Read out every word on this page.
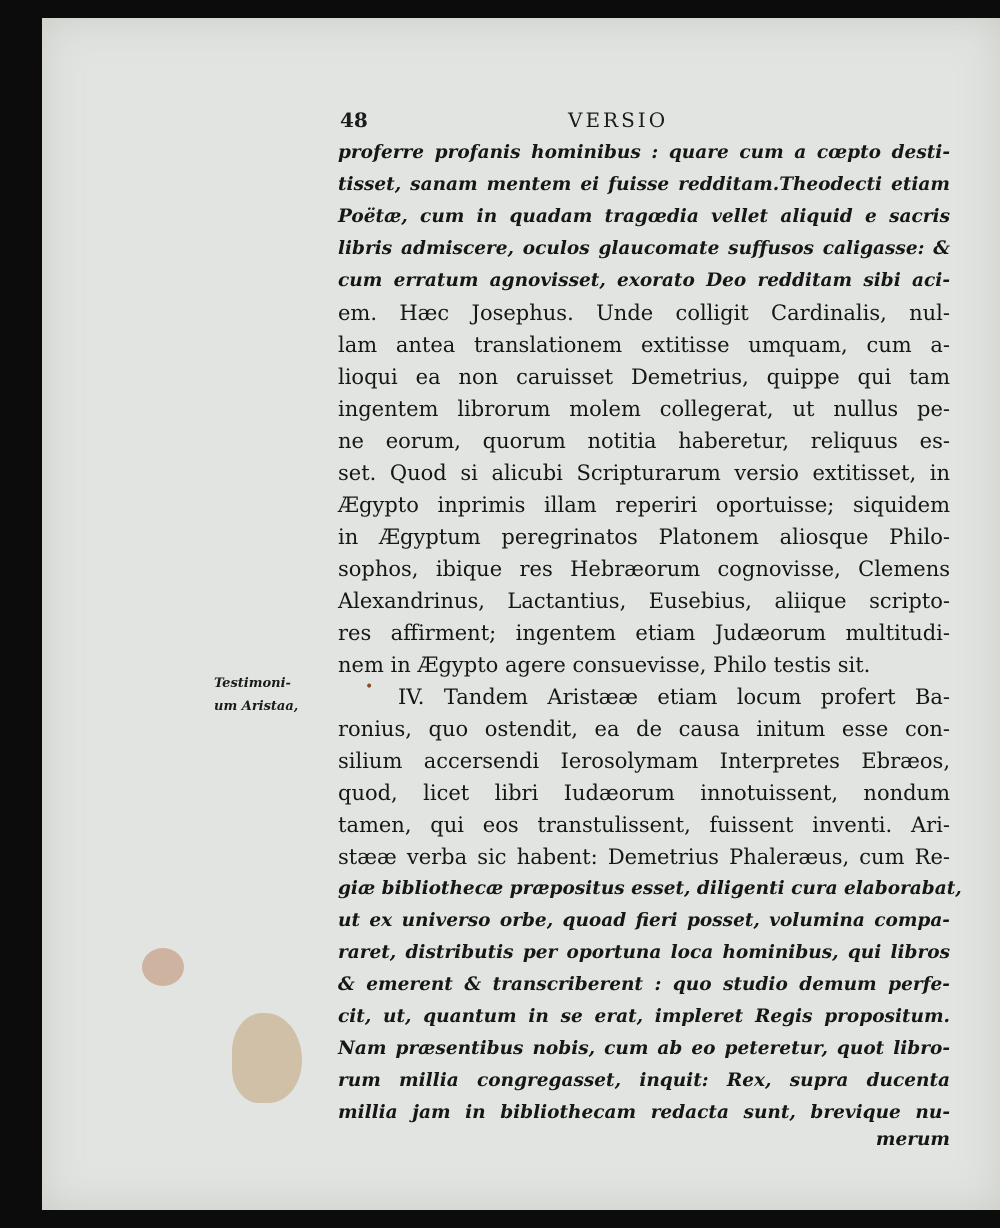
48	VERSIO
Testimoni-
um Aristaa,
•
proferre profanis hominibus : quare cum a cœpto desti-
tisset, sanam mentem ei fuisse redditam.Theodecti etiam
Poëtæ, cum in quadam tragœdia vellet aliquid e sacris
libris admiscere, oculos glaucomate suffusos caligasse: &
cum erratum agnovisset, exorato Deo redditam sibi aci-
em. Hæc Josephus. Unde colligit Cardinalis, nul-
lam antea translationem extitisse umquam, cum a-
lioqui ea non caruisset Demetrius, quippe qui tam
ingentem librorum molem collegerat, ut nullus pe-
ne eorum, quorum notitia haberetur, reliquus es-
set. Quod si alicubi Scripturarum versio extitisset, in
Ægypto inprimis illam reperiri oportuisse; siquidem
in Ægyptum peregrinatos Platonem aliosque Philo-
sophos, ibique res Hebræorum cognovisse, Clemens
Alexandrinus, Lactantius, Eusebius, aliique scripto-
res affirment; ingentem etiam Judæorum multitudi-
nem in Ægypto agere consuevisse, Philo testis sit.
IV. Tandem Aristææ etiam locum profert Ba-
ronius, quo ostendit, ea de causa initum esse con-
silium accersendi Ierosolymam Interpretes Ebræos,
quod, licet libri Iudæorum innotuissent, nondum
tamen, qui eos transtulissent, fuissent inventi. Ari-
stææ verba sic habent: Demetrius Phaleræus, cum Re-
giæ bibliothecæ præpositus esset, diligenti cura elaborabat,
ut ex universo orbe, quoad fieri posset, volumina compa-
raret, distributis per oportuna loca hominibus, qui libros
& emerent & transcriberent : quo studio demum perfe-
cit, ut, quantum in se erat, impleret Regis propositum.
Nam præsentibus nobis, cum ab eo peteretur, quot libro-
rum millia congregasset, inquit: Rex, supra ducenta
millia jam in bibliothecam redacta sunt, brevique nu-
merum
